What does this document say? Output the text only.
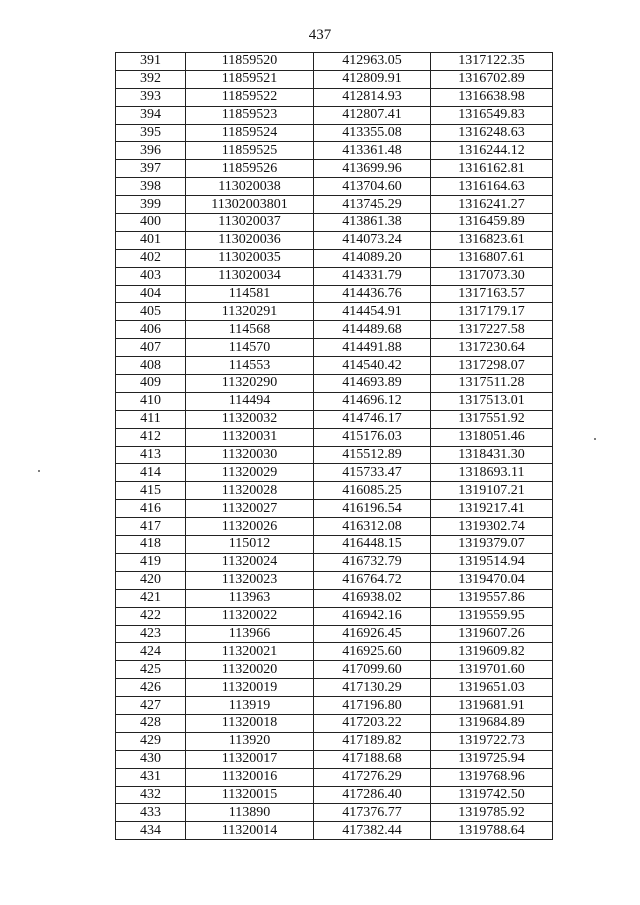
437
391	11859520	412963.05	1317122.35
392	11859521	412809.91	1316702.89
393	11859522	412814.93	1316638.98
394	11859523	412807.41	1316549.83
395	11859524	413355.08	1316248.63
396	11859525	413361.48	1316244.12
397	11859526	413699.96	1316162.81
398	113020038	413704.60	1316164.63
399	11302003801	413745.29	1316241.27
400	113020037	413861.38	1316459.89
401	113020036	414073.24	1316823.61
402	113020035	414089.20	1316807.61
403	113020034	414331.79	1317073.30
404	114581	414436.76	1317163.57
405	11320291	414454.91	1317179.17
406	114568	414489.68	1317227.58
407	114570	414491.88	1317230.64
408	114553	414540.42	1317298.07
409	11320290	414693.89	1317511.28
410	114494	414696.12	1317513.01
411	11320032	414746.17	1317551.92
412	11320031	415176.03	1318051.46
413	11320030	415512.89	1318431.30
414	11320029	415733.47	1318693.11
415	11320028	416085.25	1319107.21
416	11320027	416196.54	1319217.41
417	11320026	416312.08	1319302.74
418	115012	416448.15	1319379.07
419	11320024	416732.79	1319514.94
420	11320023	416764.72	1319470.04
421	113963	416938.02	1319557.86
422	11320022	416942.16	1319559.95
423	113966	416926.45	1319607.26
424	11320021	416925.60	1319609.82
425	11320020	417099.60	1319701.60
426	11320019	417130.29	1319651.03
427	113919	417196.80	1319681.91
428	11320018	417203.22	1319684.89
429	113920	417189.82	1319722.73
430	11320017	417188.68	1319725.94
431	11320016	417276.29	1319768.96
432	11320015	417286.40	1319742.50
433	113890	417376.77	1319785.92
434	11320014	417382.44	1319788.64
